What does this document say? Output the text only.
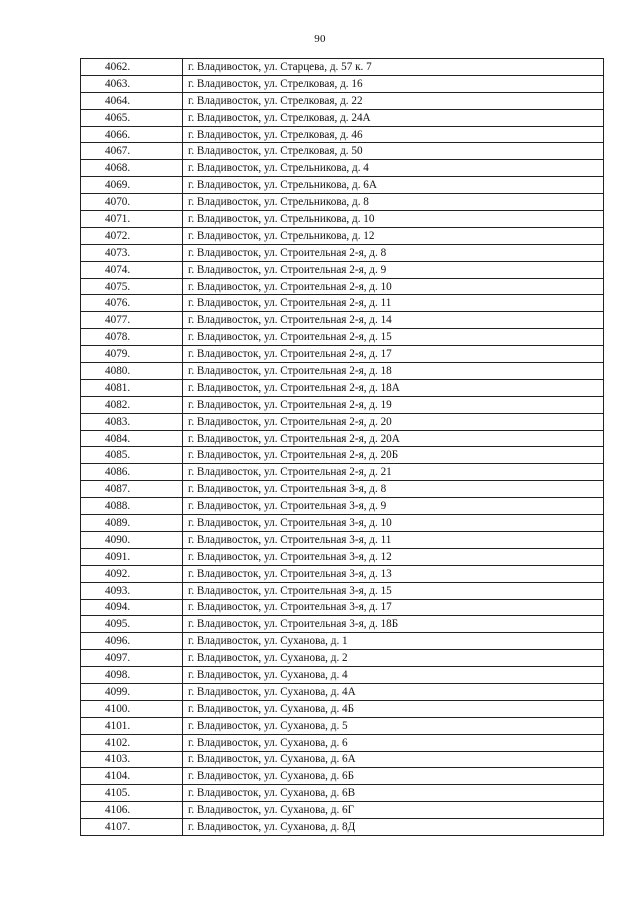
90
4062.	г. Владивосток, ул. Старцева, д. 57 к. 7
4063.	г. Владивосток, ул. Стрелковая, д. 16
4064.	г. Владивосток, ул. Стрелковая, д. 22
4065.	г. Владивосток, ул. Стрелковая, д. 24А
4066.	г. Владивосток, ул. Стрелковая, д. 46
4067.	г. Владивосток, ул. Стрелковая, д. 50
4068.	г. Владивосток, ул. Стрельникова, д. 4
4069.	г. Владивосток, ул. Стрельникова, д. 6А
4070.	г. Владивосток, ул. Стрельникова, д. 8
4071.	г. Владивосток, ул. Стрельникова, д. 10
4072.	г. Владивосток, ул. Стрельникова, д. 12
4073.	г. Владивосток, ул. Строительная 2-я, д. 8
4074.	г. Владивосток, ул. Строительная 2-я, д. 9
4075.	г. Владивосток, ул. Строительная 2-я, д. 10
4076.	г. Владивосток, ул. Строительная 2-я, д. 11
4077.	г. Владивосток, ул. Строительная 2-я, д. 14
4078.	г. Владивосток, ул. Строительная 2-я, д. 15
4079.	г. Владивосток, ул. Строительная 2-я, д. 17
4080.	г. Владивосток, ул. Строительная 2-я, д. 18
4081.	г. Владивосток, ул. Строительная 2-я, д. 18А
4082.	г. Владивосток, ул. Строительная 2-я, д. 19
4083.	г. Владивосток, ул. Строительная 2-я, д. 20
4084.	г. Владивосток, ул. Строительная 2-я, д. 20А
4085.	г. Владивосток, ул. Строительная 2-я, д. 20Б
4086.	г. Владивосток, ул. Строительная 2-я, д. 21
4087.	г. Владивосток, ул. Строительная 3-я, д. 8
4088.	г. Владивосток, ул. Строительная 3-я, д. 9
4089.	г. Владивосток, ул. Строительная 3-я, д. 10
4090.	г. Владивосток, ул. Строительная 3-я, д. 11
4091.	г. Владивосток, ул. Строительная 3-я, д. 12
4092.	г. Владивосток, ул. Строительная 3-я, д. 13
4093.	г. Владивосток, ул. Строительная 3-я, д. 15
4094.	г. Владивосток, ул. Строительная 3-я, д. 17
4095.	г. Владивосток, ул. Строительная 3-я, д. 18Б
4096.	г. Владивосток, ул. Суханова, д. 1
4097.	г. Владивосток, ул. Суханова, д. 2
4098.	г. Владивосток, ул. Суханова, д. 4
4099.	г. Владивосток, ул. Суханова, д. 4А
4100.	г. Владивосток, ул. Суханова, д. 4Б
4101.	г. Владивосток, ул. Суханова, д. 5
4102.	г. Владивосток, ул. Суханова, д. 6
4103.	г. Владивосток, ул. Суханова, д. 6А
4104.	г. Владивосток, ул. Суханова, д. 6Б
4105.	г. Владивосток, ул. Суханова, д. 6В
4106.	г. Владивосток, ул. Суханова, д. 6Г
4107.	г. Владивосток, ул. Суханова, д. 8Д
